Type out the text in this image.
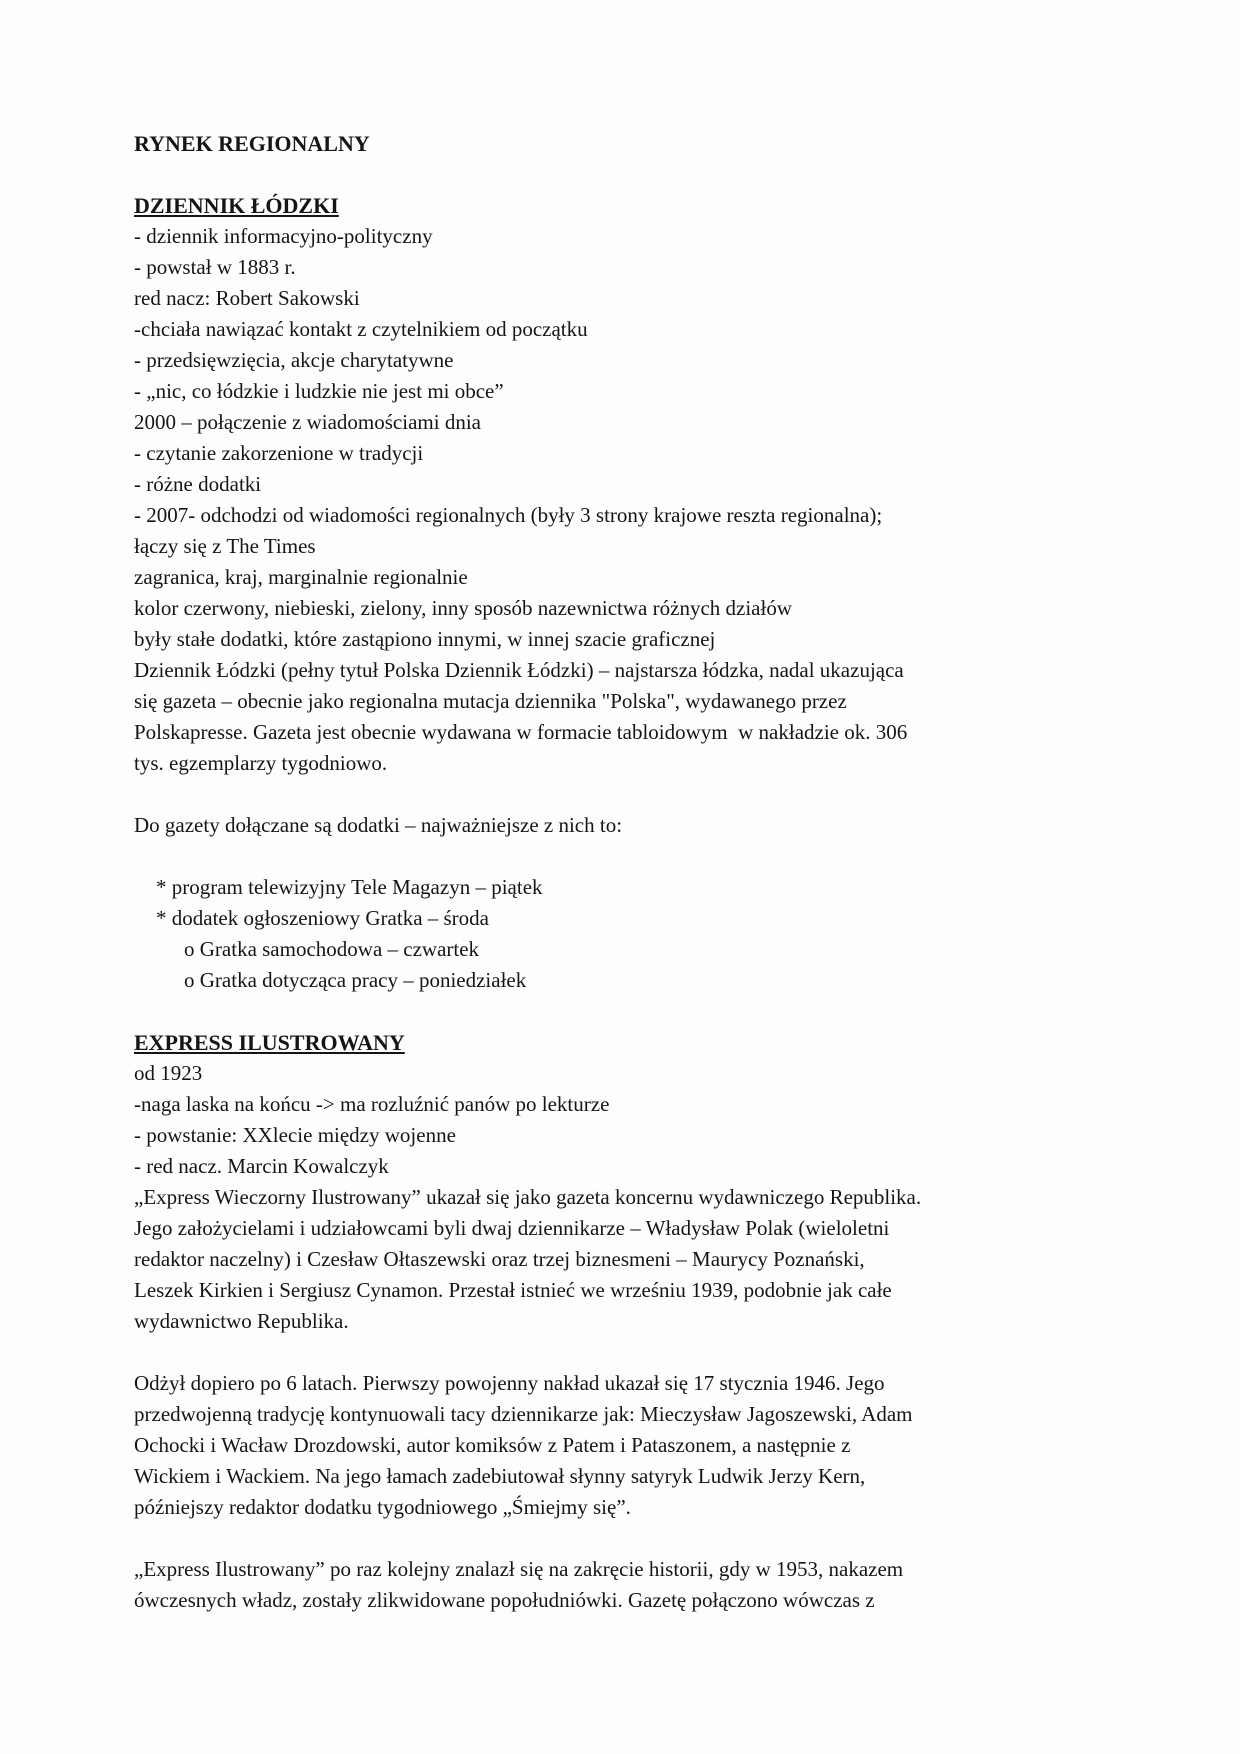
RYNEK REGIONALNY
DZIENNIK ŁÓDZKI
- dziennik informacyjno-polityczny
- powstał w 1883 r.
red nacz: Robert Sakowski
-chciała nawiązać kontakt z czytelnikiem od początku
- przedsięwzięcia, akcje charytatywne
- „nic, co łódzkie i ludzkie nie jest mi obce”
2000 – połączenie z wiadomościami dnia
- czytanie zakorzenione w tradycji
- różne dodatki
- 2007- odchodzi od wiadomości regionalnych (były 3 strony krajowe reszta regionalna);
łączy się z The Times
zagranica, kraj, marginalnie regionalnie
kolor czerwony, niebieski, zielony, inny sposób nazewnictwa różnych działów
były stałe dodatki, które zastąpiono innymi, w innej szacie graficznej
Dziennik Łódzki (pełny tytuł Polska Dziennik Łódzki) – najstarsza łódzka, nadal ukazująca
się gazeta – obecnie jako regionalna mutacja dziennika "Polska", wydawanego przez
Polskapresse. Gazeta jest obecnie wydawana w formacie tabloidowym  w nakładzie ok. 306
tys. egzemplarzy tygodniowo.
Do gazety dołączane są dodatki – najważniejsze z nich to:
* program telewizyjny Tele Magazyn – piątek
* dodatek ogłoszeniowy Gratka – środa
o Gratka samochodowa – czwartek
o Gratka dotycząca pracy – poniedziałek
EXPRESS ILUSTROWANY
od 1923
-naga laska na końcu -> ma rozluźnić panów po lekturze
- powstanie: XXlecie między wojenne
- red nacz. Marcin Kowalczyk
„Express Wieczorny Ilustrowany” ukazał się jako gazeta koncernu wydawniczego Republika.
Jego założycielami i udziałowcami byli dwaj dziennikarze – Władysław Polak (wieloletni
redaktor naczelny) i Czesław Ołtaszewski oraz trzej biznesmeni – Maurycy Poznański,
Leszek Kirkien i Sergiusz Cynamon. Przestał istnieć we wrześniu 1939, podobnie jak całe
wydawnictwo Republika.
Odżył dopiero po 6 latach. Pierwszy powojenny nakład ukazał się 17 stycznia 1946. Jego
przedwojenną tradycję kontynuowali tacy dziennikarze jak: Mieczysław Jagoszewski, Adam
Ochocki i Wacław Drozdowski, autor komiksów z Patem i Pataszonem, a następnie z
Wickiem i Wackiem. Na jego łamach zadebiutował słynny satyryk Ludwik Jerzy Kern,
późniejszy redaktor dodatku tygodniowego „Śmiejmy się”.
„Express Ilustrowany” po raz kolejny znalazł się na zakręcie historii, gdy w 1953, nakazem
ówczesnych władz, zostały zlikwidowane popołudniówki. Gazetę połączono wówczas z
